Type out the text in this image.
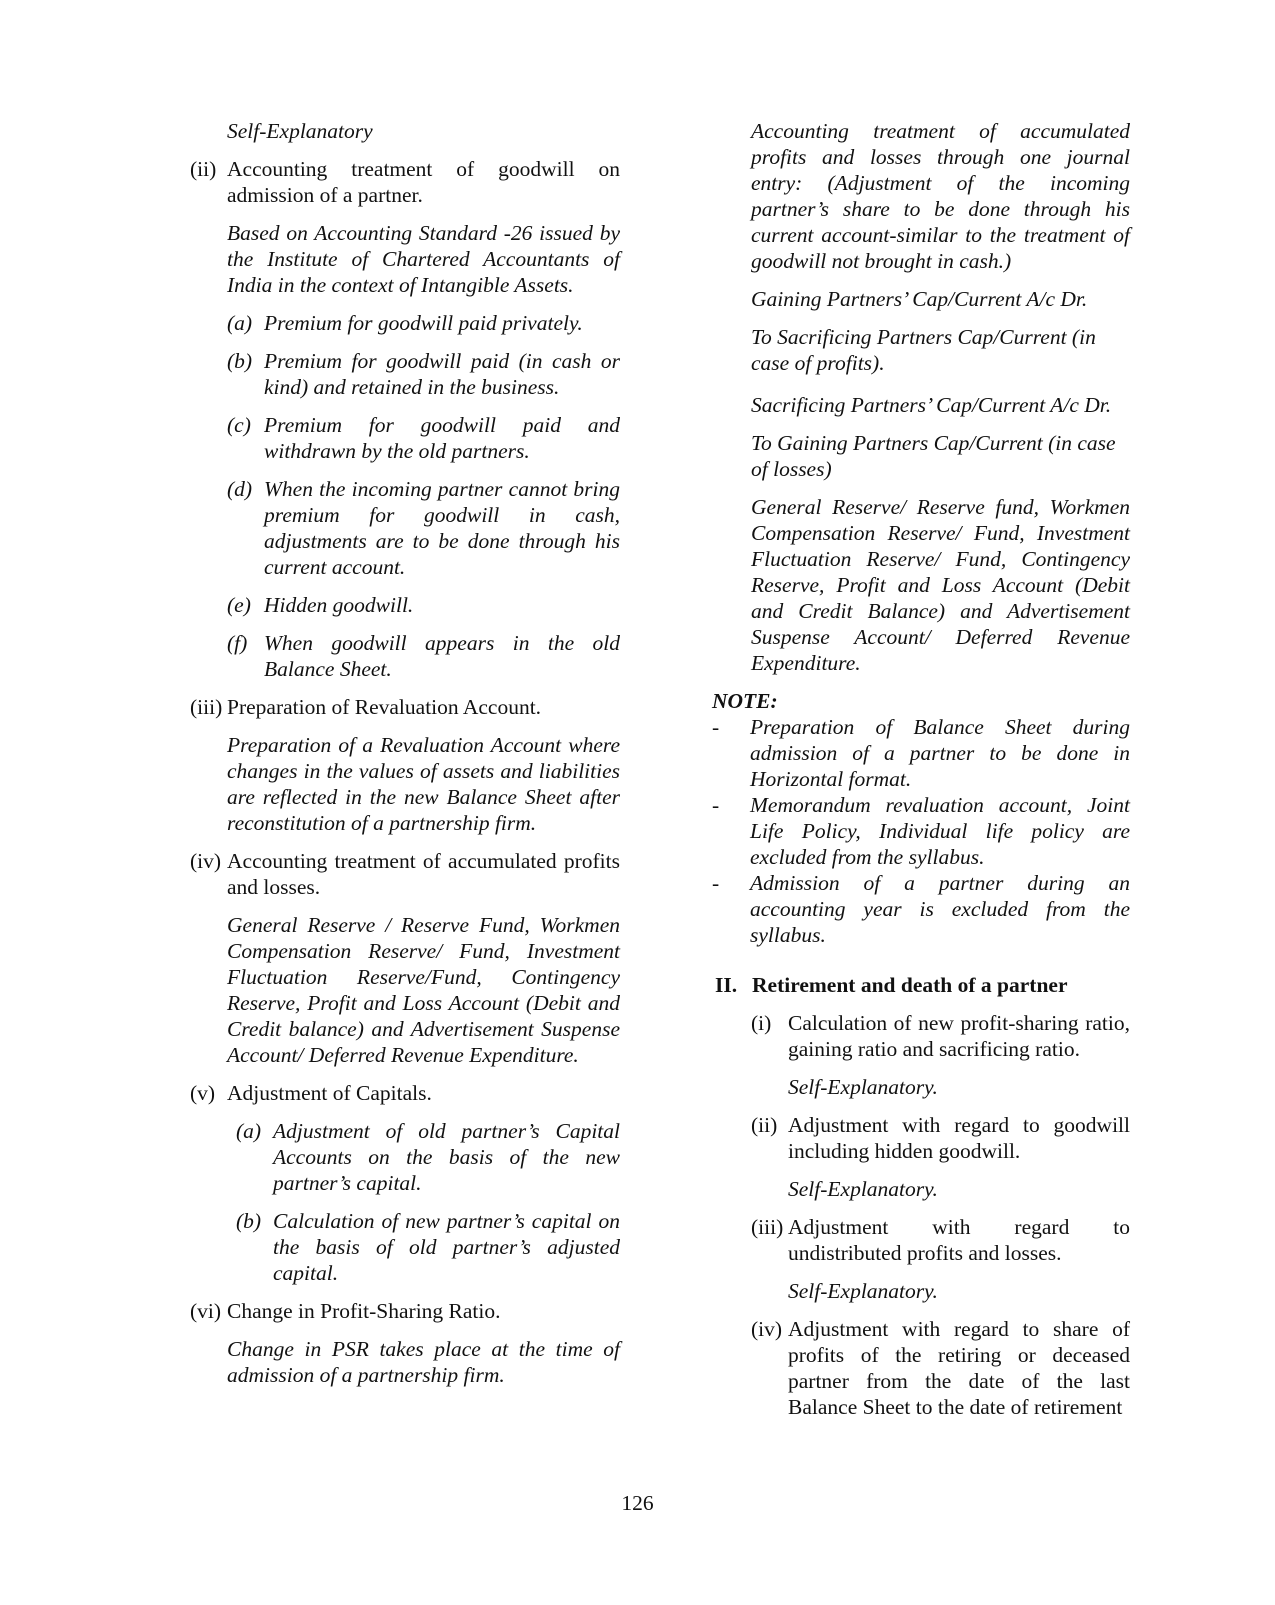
Self-Explanatory

(ii) Accounting treatment of goodwill on admission of a partner.

Based on Accounting Standard -26 issued by the Institute of Chartered Accountants of India in the context of Intangible Assets.

(a) Premium for goodwill paid privately.
(b) Premium for goodwill paid (in cash or kind) and retained in the business.
(c) Premium for goodwill paid and withdrawn by the old partners.
(d) When the incoming partner cannot bring premium for goodwill in cash, adjustments are to be done through his current account.
(e) Hidden goodwill.
(f) When goodwill appears in the old Balance Sheet.
(iii) Preparation of Revaluation Account.

Preparation of a Revaluation Account where changes in the values of assets and liabilities are reflected in the new Balance Sheet after reconstitution of a partnership firm.

(iv) Accounting treatment of accumulated profits and losses.

General Reserve / Reserve Fund, Workmen Compensation Reserve/ Fund, Investment Fluctuation Reserve/Fund, Contingency Reserve, Profit and Loss Account (Debit and Credit balance) and Advertisement Suspense Account/ Deferred Revenue Expenditure.

(v) Adjustment of Capitals.
(a) Adjustment of old partner’s Capital Accounts on the basis of the new partner’s capital.
(b) Calculation of new partner’s capital on the basis of old partner’s adjusted capital.
(vi) Change in Profit-Sharing Ratio.

Change in PSR takes place at the time of admission of a partnership firm.

Accounting treatment of accumulated profits and losses through one journal entry: (Adjustment of the incoming partner’s share to be done through his current account-similar to the treatment of goodwill not brought in cash.)

Gaining Partners’ Cap/Current A/c Dr.

To Sacrificing Partners Cap/Current (in case of profits).

Sacrificing Partners’ Cap/Current A/c Dr.

To Gaining Partners Cap/Current (in case of losses)

General Reserve/ Reserve fund, Workmen Compensation Reserve/ Fund, Investment Fluctuation Reserve/ Fund, Contingency Reserve, Profit and Loss Account (Debit and Credit Balance) and Advertisement Suspense Account/ Deferred Revenue Expenditure.

NOTE:

- Preparation of Balance Sheet during admission of a partner to be done in Horizontal format.
- Memorandum revaluation account, Joint Life Policy, Individual life policy are excluded from the syllabus.
- Admission of a partner during an accounting year is excluded from the syllabus.
II. Retirement and death of a partner
(i) Calculation of new profit-sharing ratio, gaining ratio and sacrificing ratio.

Self-Explanatory.

(ii) Adjustment with regard to goodwill including hidden goodwill.

Self-Explanatory.

(iii) Adjustment with regard to undistributed profits and losses.

Self-Explanatory.

(iv) Adjustment with regard to share of profits of the retiring or deceased partner from the date of the last Balance Sheet to the date of retirement
126
